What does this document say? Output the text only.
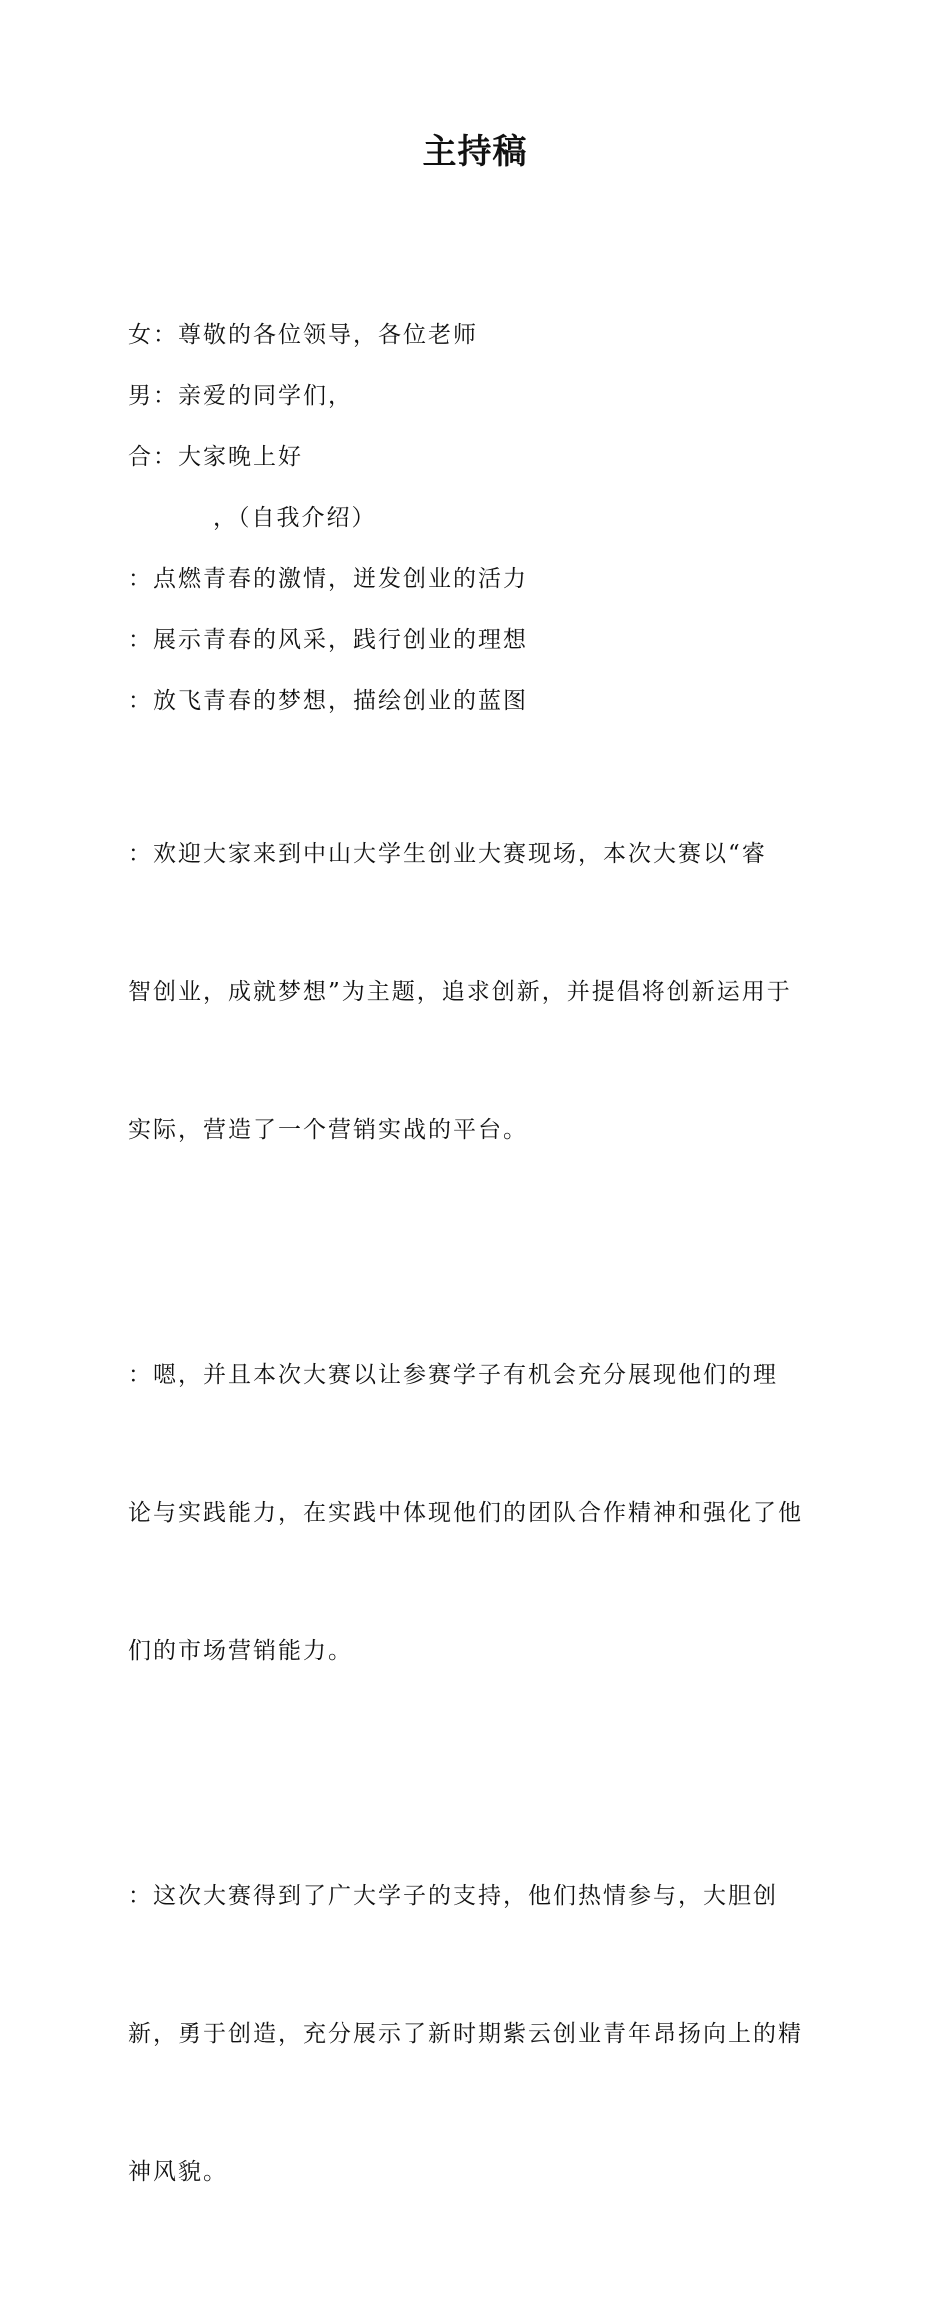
主持稿
女：尊敬的各位领导，各位老师
男：亲爱的同学们，
合：大家晚上好
，（自我介绍）
：点燃青春的激情，迸发创业的活力
：展示青春的风采，践行创业的理想
：放飞青春的梦想，描绘创业的蓝图

：欢迎大家来到中山大学生创业大赛现场，本次大赛以“睿

智创业，成就梦想”为主题，追求创新，并提倡将创新运用于

实际，营造了一个营销实战的平台。

：嗯，并且本次大赛以让参赛学子有机会充分展现他们的理

论与实践能力，在实践中体现他们的团队合作精神和强化了他

们的市场营销能力。

：这次大赛得到了广大学子的支持，他们热情参与，大胆创

新，勇于创造，充分展示了新时期紫云创业青年昂扬向上的精

神风貌。
